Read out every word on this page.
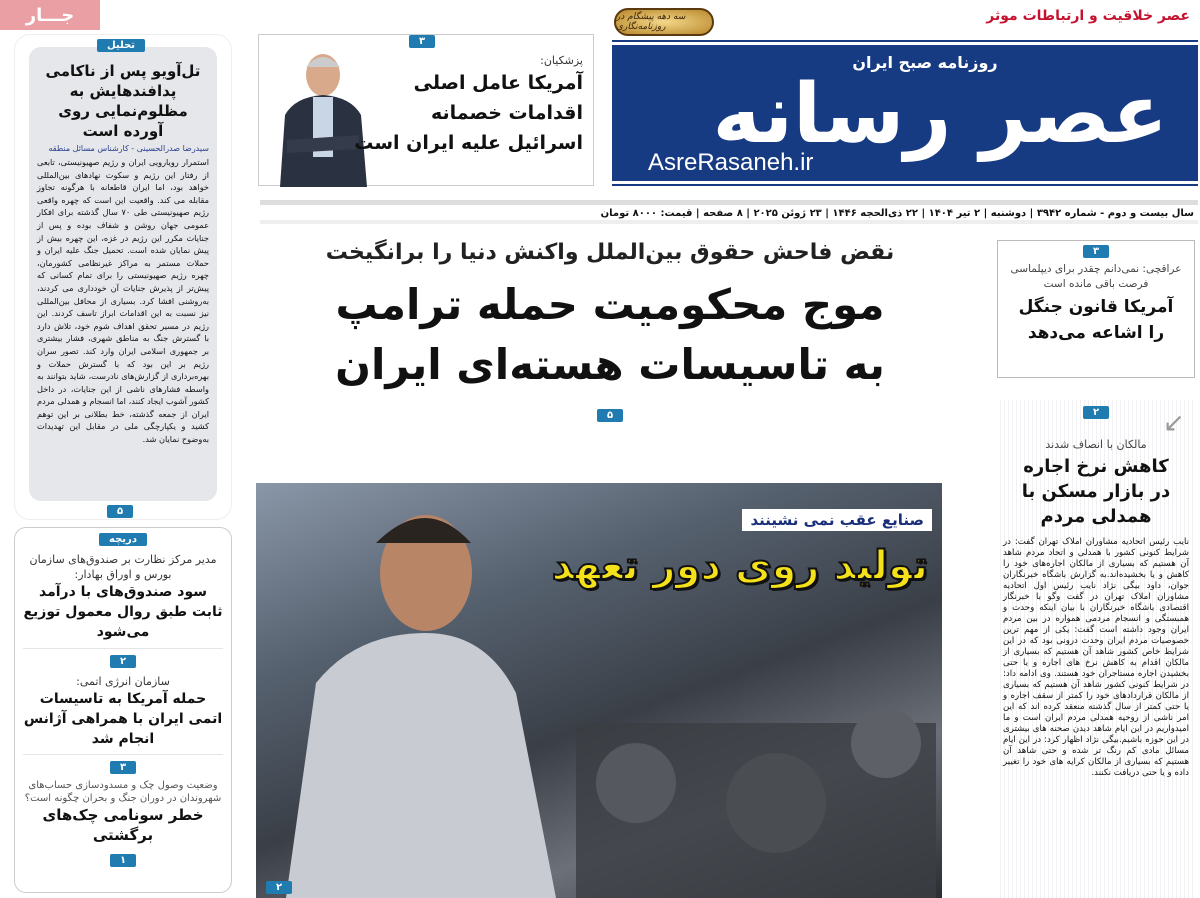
عصر خلاقیت و ارتباطات موثر
سه دهه پیشگام در روزنامه‌نگاری
روزنامه صبح ایران
عصر رسانه
AsreRasaneh.ir
سال بیست و دوم - شماره ۳۹۴۲ | دوشنبه | ۲ تیر ۱۴۰۴ | ۲۲ ذی‌الحجه ۱۴۴۶ | ۲۳ ژوئن ۲۰۲۵ | ۸ صفحه | قیمت: ۸۰۰۰ تومان
۳
پزشکیان:
آمریکا عامل اصلی
اقدامات خصمانه
اسرائیل علیه ایران است
نقض فاحش حقوق بین‌الملل واکنش دنیا را برانگیخت
موج محکومیت حمله ترامپ
به تاسیسات هسته‌ای ایران
۵
صنایع عقب نمی نشینند
تولید روی دور تعهد
۲
تحلیل
تل‌آویو پس از ناکامی پدافندهایش به مظلوم‌نمایی روی آورده است
سیدرضا صدرالحسینی - کارشناس مسائل منطقه
استمرار رویارویی ایران و رژیم صهیونیستی، تابعی از رفتار این رژیم و سکوت نهادهای بین‌المللی خواهد بود، اما ایران قاطعانه با هرگونه تجاوز مقابله می کند. واقعیت این است که چهره واقعی رژیم صهیونیستی طی ۷۰ سال گذشته برای افکار عمومی جهان روشن و شفاف بوده و پس از جنایات مکرر این رژیم در غزه، این چهره بیش از پیش نمایان شده است. تحمیل جنگ علیه ایران و حملات مستمر به مراکز غیرنظامی کشورمان، چهره رژیم صهیونیستی را برای تمام کسانی که پیش‌تر از پذیرش جنایات آن خودداری می کردند، به‌روشنی افشا کرد. بسیاری از محافل بین‌المللی نیز نسبت به این اقدامات ابراز تاسف کردند. این رژیم در مسیر تحقق اهداف شوم خود، تلاش دارد با گسترش جنگ به مناطق شهری، فشار بیشتری بر جمهوری اسلامی ایران وارد کند. تصور سران رژیم بر این بود که با گسترش حملات و بهره‌برداری از گزارش‌های نادرست، شاید بتوانند به واسطه فشارهای ناشی از این جنایات، در داخل کشور آشوب ایجاد کنند، اما انسجام و همدلی مردم ایران از جمعه گذشته، خط بطلانی بر این توهم کشید و یکپارچگی ملی در مقابل این تهدیدات به‌وضوح نمایان شد.
۵
جـــار
دریچه
مدیر مرکز نظارت بر صندوق‌های سازمان بورس و اوراق بهادار:
سود صندوق‌های با درآمد ثابت طبق روال معمول توزیع می‌شود
۲
سازمان انرژی اتمی:
حمله آمریکا به تاسیسات اتمی ایران با همراهی آژانس انجام شد
۳
وضعیت وصول چک و مسدودسازی حساب‌های شهروندان در دوران جنگ و بحران چگونه است؟
خطر سونامی چک‌های برگشتی
۱
۳
عراقچی: نمی‌دانم چقدر برای دیپلماسی فرصت باقی مانده است
آمریکا قانون جنگل را اشاعه می‌دهد
۲	↙
مالکان با انصاف شدند
کاهش نرخ اجاره در بازار مسکن با همدلی مردم
نایب رئیس اتحادیه مشاوران املاک تهران گفت: در شرایط کنونی کشور با همدلی و اتحاد مردم شاهد آن هستیم که بسیاری از مالکان اجاره‌های خود را کاهش و یا بخشیده‌اند.به گزارش باشگاه خبرنگاران جوان، داود بیگی نژاد نایب رئیس اول اتحادیه مشاوران املاک تهران در گفت وگو با خبرنگار اقتصادی باشگاه خبرنگاران با بیان اینکه وحدت و همبستگی و انسجام مردمی همواره در بین مردم ایران وجود داشته است گفت: یکی از مهم ترین خصوصیات مردم ایران وحدت درونی بود که در این شرایط خاص کشور شاهد آن هستیم که بسیاری از مالکان اقدام به کاهش نرخ های اجاره و یا حتی بخشیدن اجاره مستاجران خود هستند. وی ادامه داد: در شرایط کنونی کشور شاهد آن هستیم که بسیاری از مالکان قراردادهای خود را کمتر از سقف اجاره و یا حتی کمتر از سال گذشته منعقد کرده اند که این امر ناشی از روحیه همدلی مردم ایران است و ما امیدواریم در این ایام شاهد دیدن صحنه های بیشتری در این حوزه باشیم.بیگی نژاد اظهار کرد: در این ایام مسائل مادی کم رنگ تر شده و حتی شاهد آن هستیم که بسیاری از مالکان کرایه های خود را تغییر داده و یا حتی دریافت نکنند.
